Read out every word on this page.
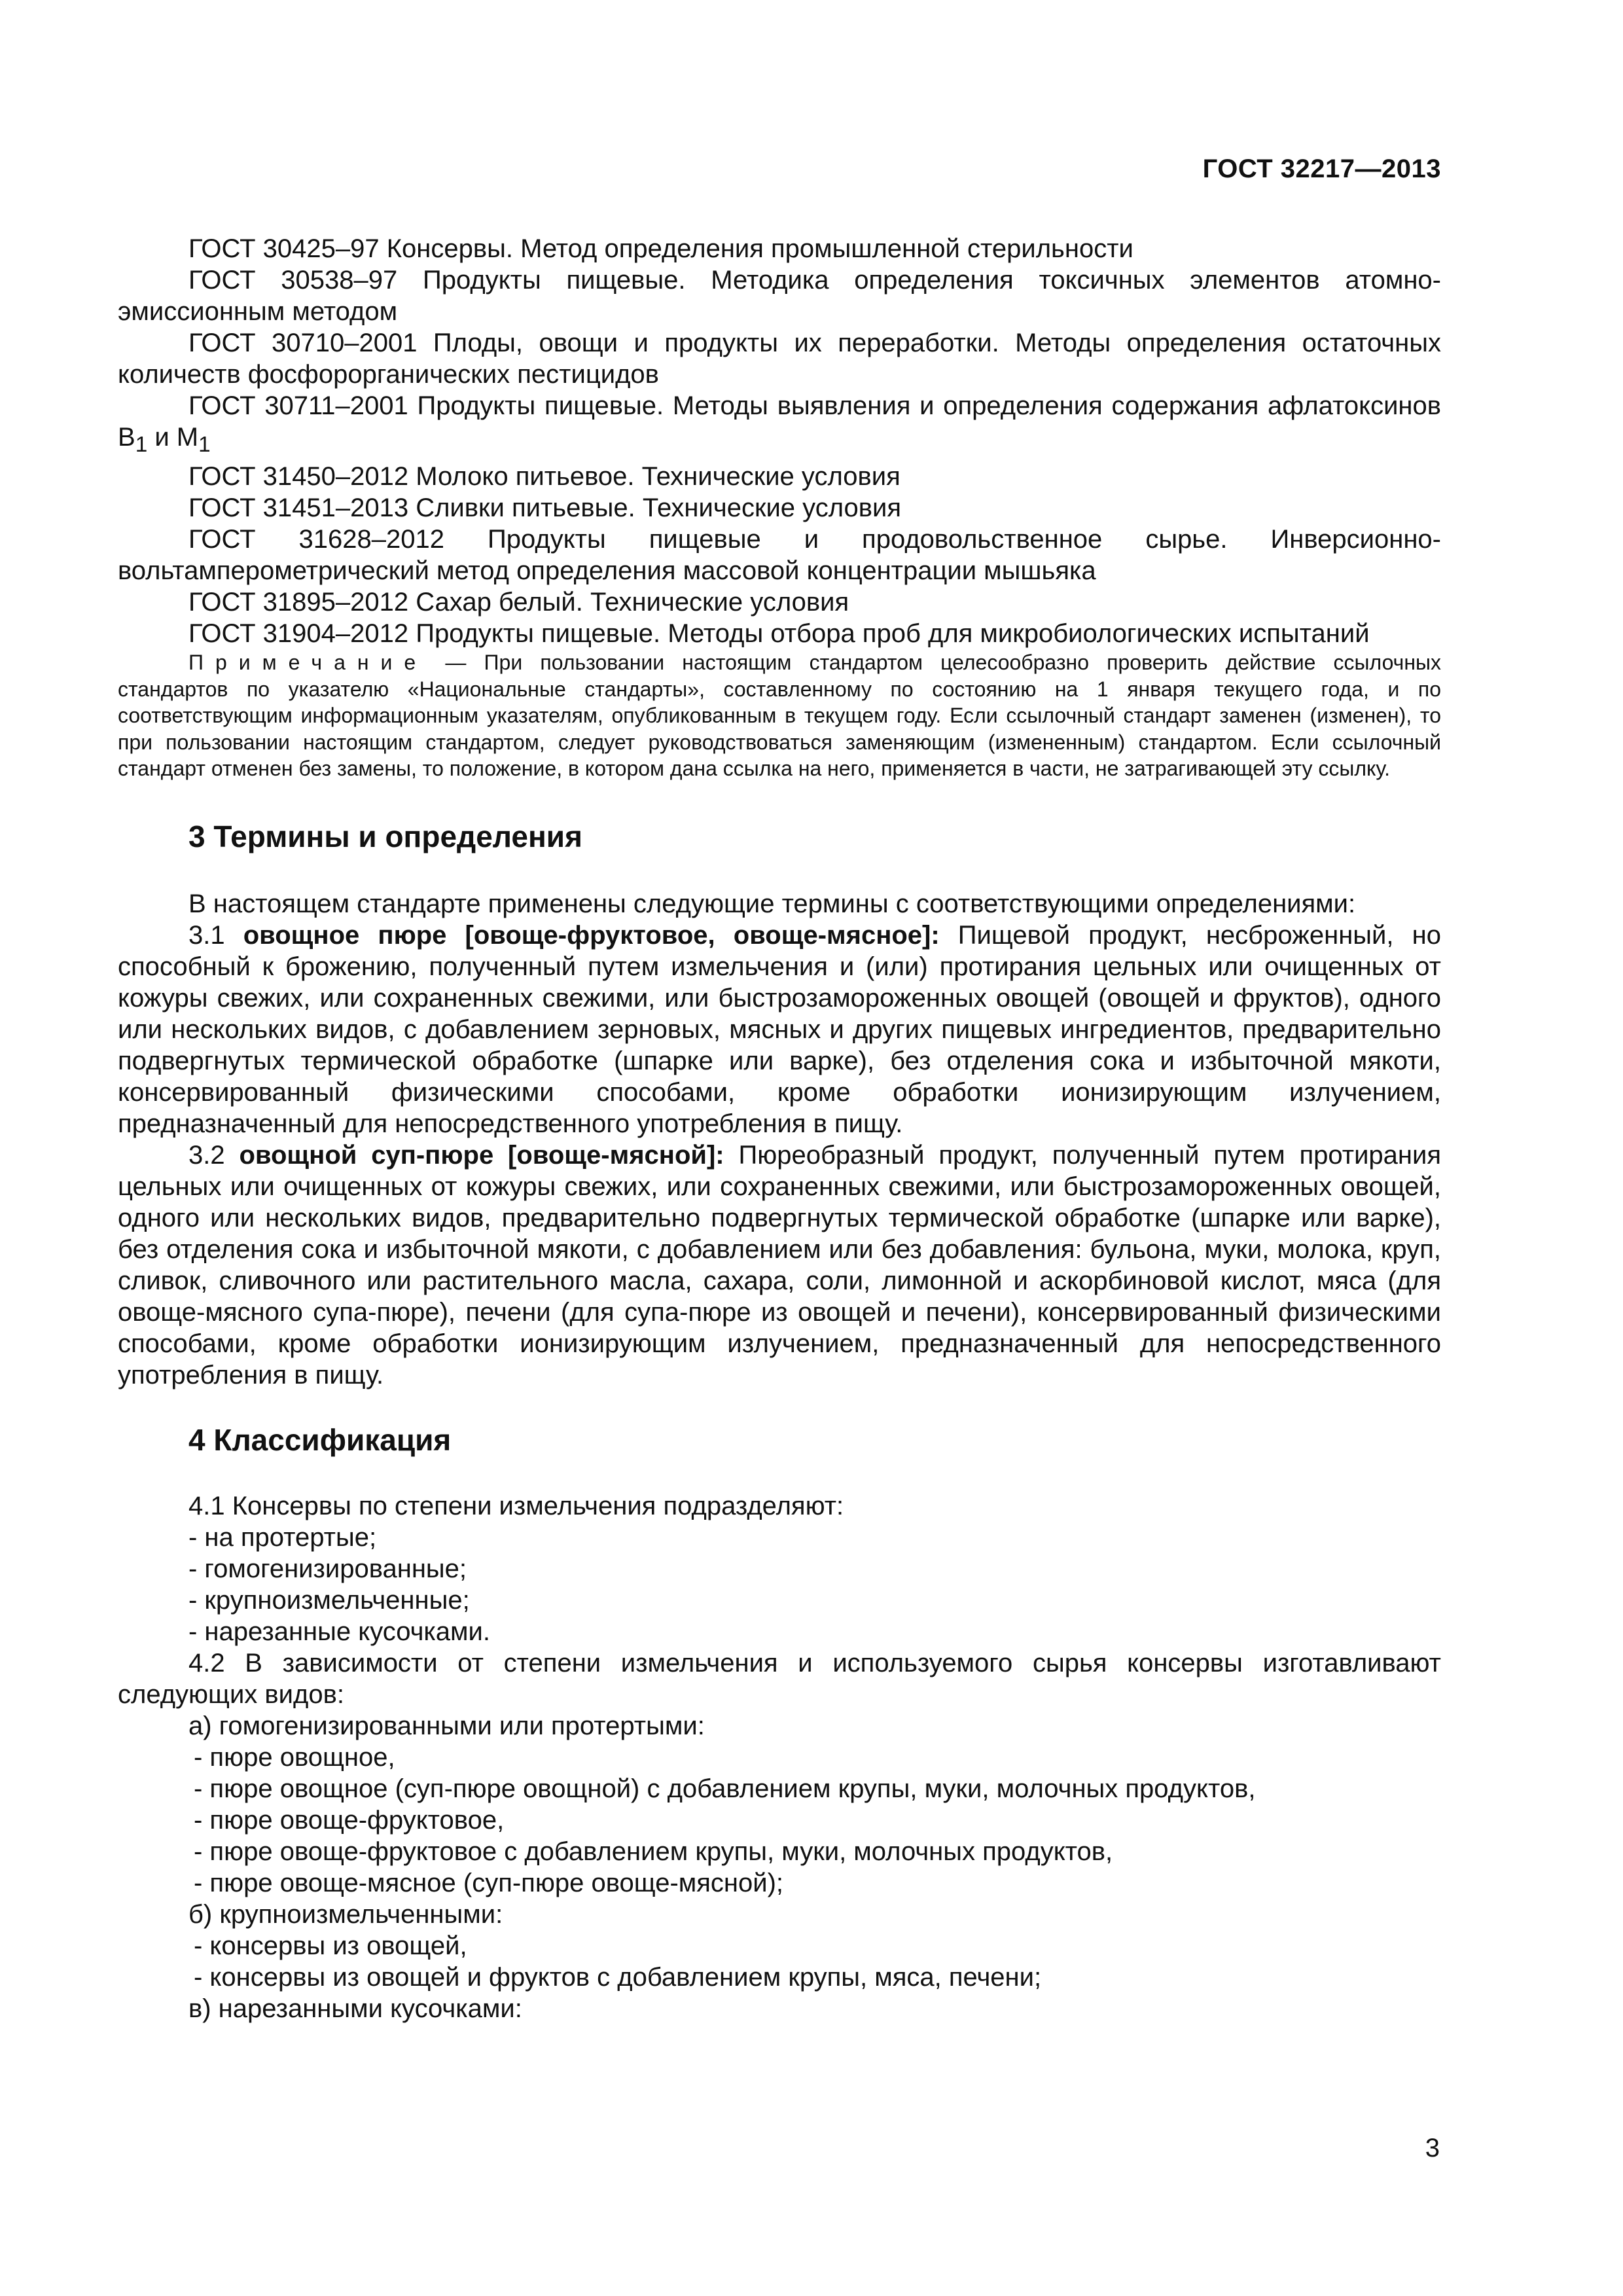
ГОСТ 32217—2013

ГОСТ 30425–97 Консервы. Метод определения промышленной стерильности

ГОСТ 30538–97 Продукты пищевые. Методика определения токсичных элементов атомно-эмиссионным методом

ГОСТ 30710–2001 Плоды, овощи и продукты их переработки. Методы определения остаточных количеств фосфорорганических пестицидов

ГОСТ 30711–2001 Продукты пищевые. Методы выявления и определения содержания афлатоксинов $B_1$ и $M_1$

ГОСТ 31450–2012 Молоко питьевое. Технические условия

ГОСТ 31451–2013 Сливки питьевые. Технические условия

ГОСТ 31628–2012 Продукты пищевые и продовольственное сырье. Инверсионно-вольтамперометрический метод определения массовой концентрации мышьяка

ГОСТ 31895–2012 Сахар белый. Технические условия

ГОСТ 31904–2012 Продукты пищевые. Методы отбора проб для микробиологических испытаний

Примечание — При пользовании настоящим стандартом целесообразно проверить действие ссылочных стандартов по указателю «Национальные стандарты», составленному по состоянию на 1 января текущего года, и по соответствующим информационным указателям, опубликованным в текущем году. Если ссылочный стандарт заменен (изменен), то при пользовании настоящим стандартом, следует руководствоваться заменяющим (измененным) стандартом. Если ссылочный стандарт отменен без замены, то положение, в котором дана ссылка на него, применяется в части, не затрагивающей эту ссылку.

3 Термины и определения

В настоящем стандарте применены следующие термины с соответствующими определениями:

3.1 овощное пюре [овоще-фруктовое, овоще-мясное]: Пищевой продукт, несброженный, но способный к брожению, полученный путем измельчения и (или) протирания цельных или очищенных от кожуры свежих, или сохраненных свежими, или быстрозамороженных овощей (овощей и фруктов), одного или нескольких видов, с добавлением зерновых, мясных и других пищевых ингредиентов, предварительно подвергнутых термической обработке (шпарке или варке), без отделения сока и избыточной мякоти, консервированный физическими способами, кроме обработки ионизирующим излучением, предназначенный для непосредственного употребления в пищу.

3.2 овощной суп-пюре [овоще-мясной]: Пюреобразный продукт, полученный путем протирания цельных или очищенных от кожуры свежих, или сохраненных свежими, или быстрозамороженных овощей, одного или нескольких видов, предварительно подвергнутых термической обработке (шпарке или варке), без отделения сока и избыточной мякоти, с добавлением или без добавления: бульона, муки, молока, круп, сливок, сливочного или растительного масла, сахара, соли, лимонной и аскорбиновой кислот, мяса (для овоще-мясного супа-пюре), печени (для супа-пюре из овощей и печени), консервированный физическими способами, кроме обработки ионизирующим излучением, предназначенный для непосредственного употребления в пищу.

4 Классификация

4.1 Консервы по степени измельчения подразделяют:

- на протертые;

- гомогенизированные;

- крупноизмельченные;

- нарезанные кусочками.

4.2 В зависимости от степени измельчения и используемого сырья консервы изготавливают следующих видов:

а) гомогенизированными или протертыми:

- пюре овощное,

- пюре овощное (суп-пюре овощной) с добавлением крупы, муки, молочных продуктов,

- пюре овоще-фруктовое,

- пюре овоще-фруктовое с добавлением крупы, муки, молочных продуктов,

- пюре овоще-мясное (суп-пюре овоще-мясной);

б) крупноизмельченными:

- консервы из овощей,

- консервы из овощей и фруктов с добавлением крупы, мяса, печени;

в) нарезанными кусочками:

3
